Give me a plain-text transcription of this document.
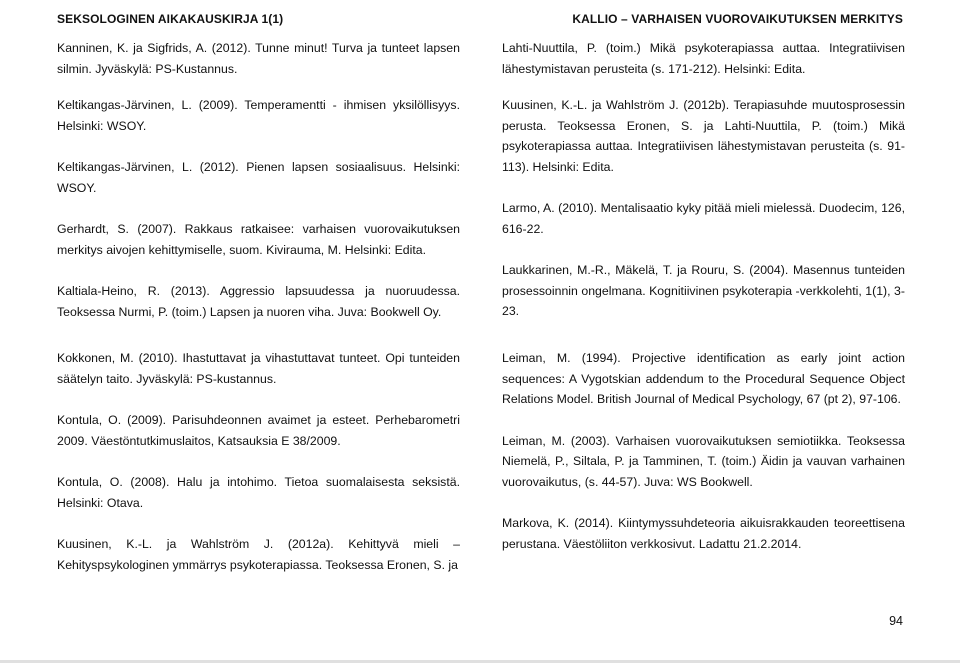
SEKSOLOGINEN AIKAKAUSKIRJA 1(1)	KALLIO – VARHAISEN VUOROVAIKUTUKSEN MERKITYS

Kanninen, K. ja Sigfrids, A. (2012). Tunne minut! Turva ja tunteet lapsen silmin. Jyväskylä: PS-Kustannus.

Lahti-Nuuttila, P. (toim.) Mikä psykoterapiassa auttaa. Integratiivisen lähestymistavan perusteita (s. 171-212). Helsinki: Edita.

Keltikangas-Järvinen, L. (2009). Temperamentti - ihmisen yksilöllisyys. Helsinki: WSOY.

Keltikangas-Järvinen, L. (2012). Pienen lapsen sosiaalisuus. Helsinki: WSOY.

Gerhardt, S. (2007). Rakkaus ratkaisee: varhaisen vuorovaikutuksen merkitys aivojen kehittymiselle, suom. Kivirauma, M. Helsinki: Edita.

Kaltiala-Heino, R. (2013). Aggressio lapsuudessa ja nuoruudessa. Teoksessa Nurmi, P. (toim.) Lapsen ja nuoren viha. Juva: Bookwell Oy.

Kuusinen, K.-L. ja Wahlström J. (2012b). Terapiasuhde muutosprosessin perusta. Teoksessa Eronen, S. ja Lahti-Nuuttila, P. (toim.) Mikä psykoterapiassa auttaa. Integratiivisen lähestymistavan perusteita (s. 91-113). Helsinki: Edita.

Larmo, A. (2010). Mentalisaatio kyky pitää mieli mielessä. Duodecim, 126, 616-22.

Laukkarinen, M.-R., Mäkelä, T. ja Rouru, S. (2004). Masennus tunteiden prosessoinnin ongelmana. Kognitiivinen psykoterapia -verkkolehti, 1(1), 3-23.

Kokkonen, M. (2010). Ihastuttavat ja vihastuttavat tunteet. Opi tunteiden säätelyn taito. Jyväskylä: PS-kustannus.

Kontula, O. (2009). Parisuhdeonnen avaimet ja esteet. Perhebarometri 2009. Väestöntutkimuslaitos, Katsauksia E 38/2009.

Kontula, O. (2008). Halu ja intohimo. Tietoa suomalaisesta seksistä. Helsinki: Otava.

Kuusinen, K.-L. ja Wahlström J. (2012a). Kehittyvä mieli – Kehityspsykologinen ymmärrys psykoterapiassa. Teoksessa Eronen, S. ja

Leiman, M. (1994). Projective identification as early joint action sequences: A Vygotskian addendum to the Procedural Sequence Object Relations Model. British Journal of Medical Psychology, 67 (pt 2), 97-106.

Leiman, M. (2003). Varhaisen vuorovaikutuksen semiotiikka. Teoksessa Niemelä, P., Siltala, P. ja Tamminen, T. (toim.) Äidin ja vauvan varhainen vuorovaikutus, (s. 44-57). Juva: WS Bookwell.

Markova, K. (2014). Kiintymyssuhdeteoria aikuisrakkauden teoreettisena perustana. Väestöliiton verkkosivut. Ladattu 21.2.2014.

94
